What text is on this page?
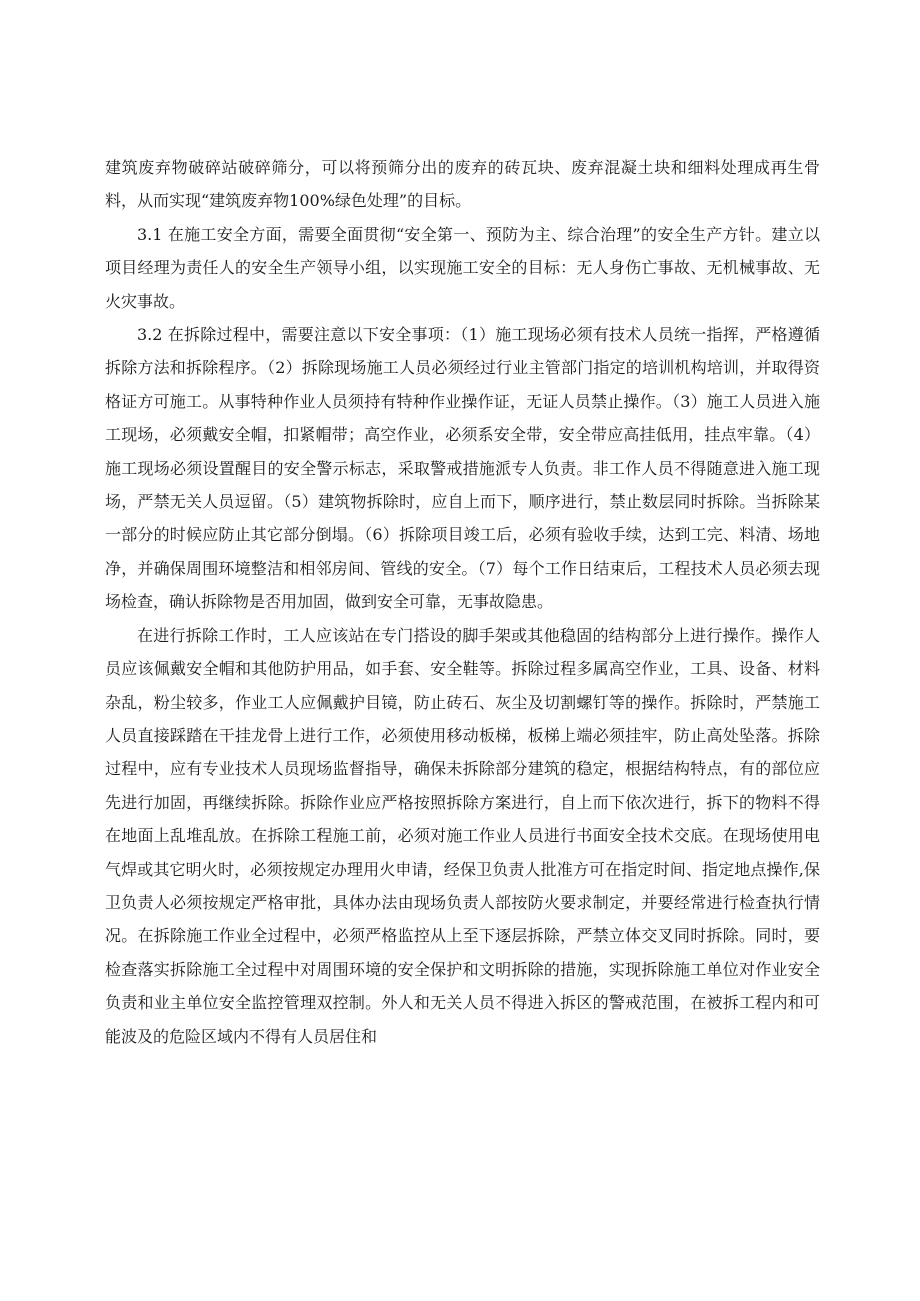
建筑废弃物破碎站破碎筛分，可以将预筛分出的废弃的砖瓦块、废弃混凝土块和细料处理成再生骨料，从而实现“建筑废弃物100%绿色处理”的目标。

3.1 在施工安全方面，需要全面贯彻“安全第一、预防为主、综合治理”的安全生产方针。建立以项目经理为责任人的安全生产领导小组，以实现施工安全的目标：无人身伤亡事故、无机械事故、无火灾事故。

3.2 在拆除过程中，需要注意以下安全事项：（1）施工现场必须有技术人员统一指挥，严格遵循拆除方法和拆除程序。（2）拆除现场施工人员必须经过行业主管部门指定的培训机构培训，并取得资格证方可施工。从事特种作业人员须持有特种作业操作证，无证人员禁止操作。（3）施工人员进入施工现场，必须戴安全帽，扣紧帽带；高空作业，必须系安全带，安全带应高挂低用，挂点牢靠。（4）施工现场必须设置醒目的安全警示标志，采取警戒措施派专人负责。非工作人员不得随意进入施工现场，严禁无关人员逗留。（5）建筑物拆除时，应自上而下，顺序进行，禁止数层同时拆除。当拆除某一部分的时候应防止其它部分倒塌。（6）拆除项目竣工后，必须有验收手续，达到工完、料清、场地净，并确保周围环境整洁和相邻房间、管线的安全。（7）每个工作日结束后，工程技术人员必须去现场检查，确认拆除物是否用加固，做到安全可靠，无事故隐患。

在进行拆除工作时，工人应该站在专门搭设的脚手架或其他稳固的结构部分上进行操作。操作人员应该佩戴安全帽和其他防护用品，如手套、安全鞋等。拆除过程多属高空作业，工具、设备、材料杂乱，粉尘较多，作业工人应佩戴护目镜，防止砖石、灰尘及切割螺钉等的操作。拆除时，严禁施工人员直接踩踏在干挂龙骨上进行工作，必须使用移动板梯，板梯上端必须挂牢，防止高处坠落。拆除过程中，应有专业技术人员现场监督指导，确保未拆除部分建筑的稳定，根据结构特点，有的部位应先进行加固，再继续拆除。拆除作业应严格按照拆除方案进行，自上而下依次进行，拆下的物料不得在地面上乱堆乱放。在拆除工程施工前，必须对施工作业人员进行书面安全技术交底。在现场使用电气焊或其它明火时，必须按规定办理用火申请，经保卫负责人批准方可在指定时间、指定地点操作,保卫负责人必须按规定严格审批，具体办法由现场负责人部按防火要求制定，并要经常进行检查执行情况。在拆除施工作业全过程中，必须严格监控从上至下逐层拆除，严禁立体交叉同时拆除。同时，要检查落实拆除施工全过程中对周围环境的安全保护和文明拆除的措施，实现拆除施工单位对作业安全负责和业主单位安全监控管理双控制。外人和无关人员不得进入拆区的警戒范围，在被拆工程内和可能波及的危险区域内不得有人员居住和
